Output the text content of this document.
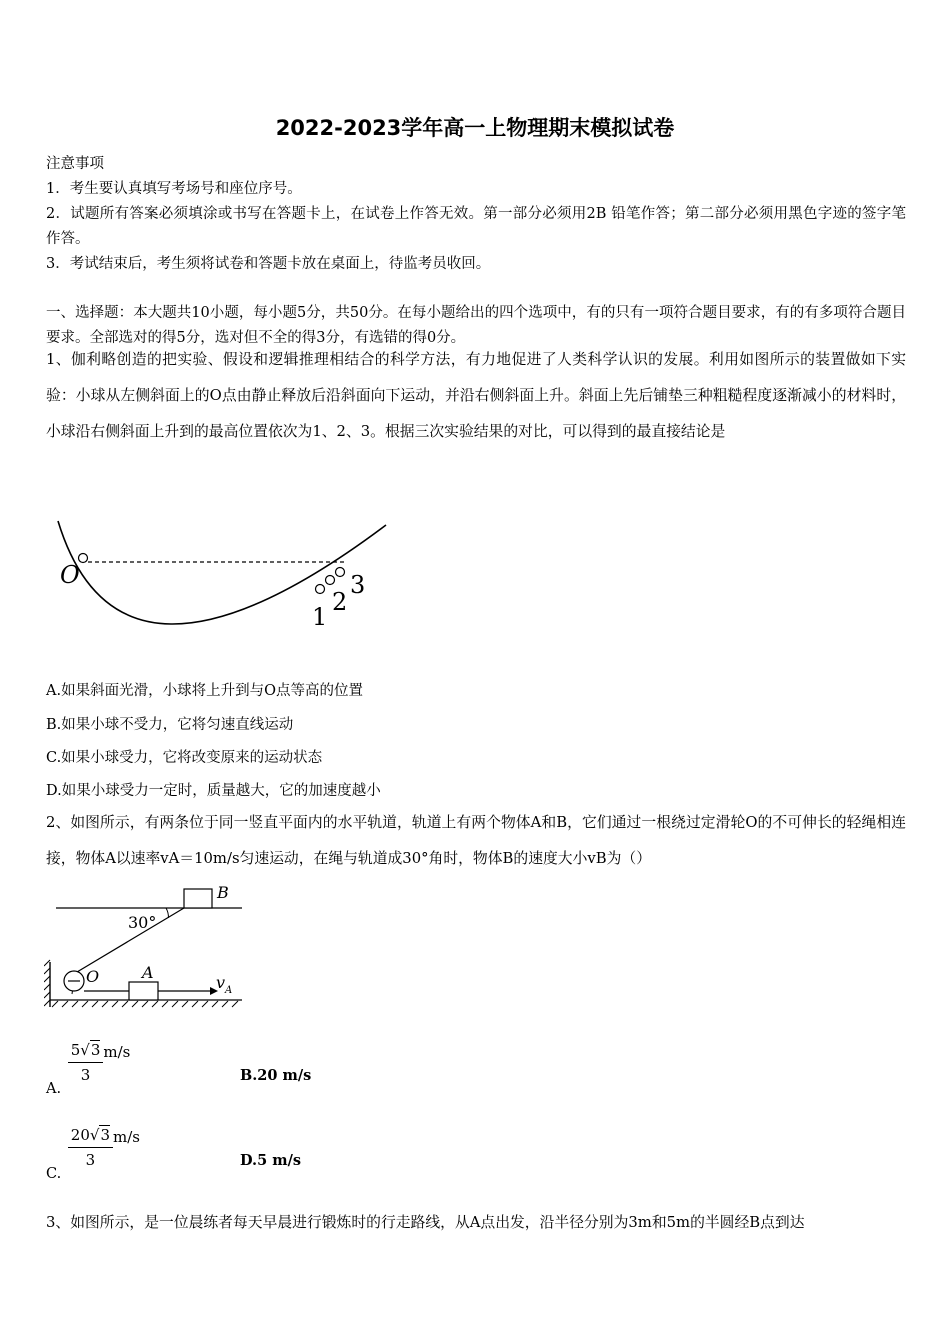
2022-2023学年高一上物理期末模拟试卷
注意事项
1．考生要认真填写考场号和座位序号。
2．试题所有答案必须填涂或书写在答题卡上，在试卷上作答无效。第一部分必须用2B 铅笔作答；第二部分必须用黑色字迹的签字笔作答。
3．考试结束后，考生须将试卷和答题卡放在桌面上，待监考员收回。
一、选择题：本大题共10小题，每小题5分，共50分。在每小题给出的四个选项中，有的只有一项符合题目要求，有的有多项符合题目要求。全部选对的得5分，选对但不全的得3分，有选错的得0分。
1、伽利略创造的把实验、假设和逻辑推理相结合的科学方法，有力地促进了人类科学认识的发展。利用如图所示的装置做如下实验：小球从左侧斜面上的O点由静止释放后沿斜面向下运动，并沿右侧斜面上升。斜面上先后铺垫三种粗糙程度逐渐减小的材料时，小球沿右侧斜面上升到的最高位置依次为1、2、3。根据三次实验结果的对比，可以得到的最直接结论是
O
1
2
3
A.如果斜面光滑，小球将上升到与O点等高的位置
B.如果小球不受力，它将匀速直线运动
C.如果小球受力，它将改变原来的运动状态
D.如果小球受力一定时，质量越大，它的加速度越小
2、如图所示，有两条位于同一竖直平面内的水平轨道，轨道上有两个物体A和B，它们通过一根绕过定滑轮O的不可伸长的轻绳相连接，物体A以速率vA＝10m/s匀速运动，在绳与轨道成30°角时，物体B的速度大小vB为（）
B
30°
O	A
v A
A.
$\frac{5√3}{3} m/s$
B.20 m/s
C.
$\frac{20√3}{3} m/s$
D.5 m/s
3、如图所示，是一位晨练者每天早晨进行锻炼时的行走路线，从A点出发，沿半径分别为3m和5m的半圆经B点到达
